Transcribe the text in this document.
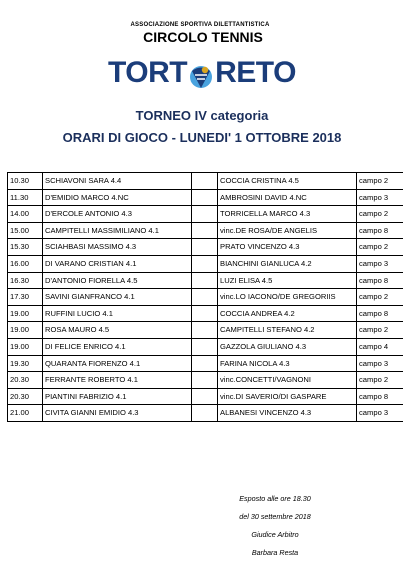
ASSOCIAZIONE SPORTIVA DILETTANTISTICA
CIRCOLO TENNIS
TORT RETO
TORNEO IV categoria
ORARI DI GIOCO - LUNEDI' 1 OTTOBRE 2018
10.30	SCHIAVONI SARA 4.4		COCCIA CRISTINA 4.5	campo 2
11.30	D'EMIDIO MARCO 4.NC		AMBROSINI DAVID 4.NC	campo 3
14.00	D'ERCOLE ANTONIO 4.3		TORRICELLA MARCO 4.3	campo 2
15.00	CAMPITELLI MASSIMILIANO 4.1		vinc.DE ROSA/DE ANGELIS	campo 8
15.30	SCIAHBASI MASSIMO 4.3		PRATO VINCENZO 4.3	campo 2
16.00	DI VARANO CRISTIAN 4.1		BIANCHINI GIANLUCA 4.2	campo 3
16.30	D'ANTONIO FIORELLA 4.5		LUZI ELISA 4.5	campo 8
17.30	SAVINI GIANFRANCO 4.1		vinc.LO IACONO/DE GREGORIIS	campo 2
19.00	RUFFINI LUCIO 4.1		COCCIA ANDREA 4.2	campo 8
19.00	ROSA MAURO 4.5		CAMPITELLI STEFANO 4.2	campo 2
19.00	DI FELICE ENRICO 4.1		GAZZOLA GIULIANO 4.3	campo 4
19.30	QUARANTA FIORENZO 4.1		FARINA NICOLA 4.3	campo 3
20.30	FERRANTE ROBERTO 4.1		vinc.CONCETTI/VAGNONI	campo 2
20.30	PIANTINI FABRIZIO 4.1		vinc.DI SAVERIO/DI GASPARE	campo 8
21.00	CIVITA GIANNI EMIDIO 4.3		ALBANESI VINCENZO 4.3	campo 3
Esposto alle ore 18.30
del 30 settembre 2018
Giudice Arbitro
Barbara Resta
